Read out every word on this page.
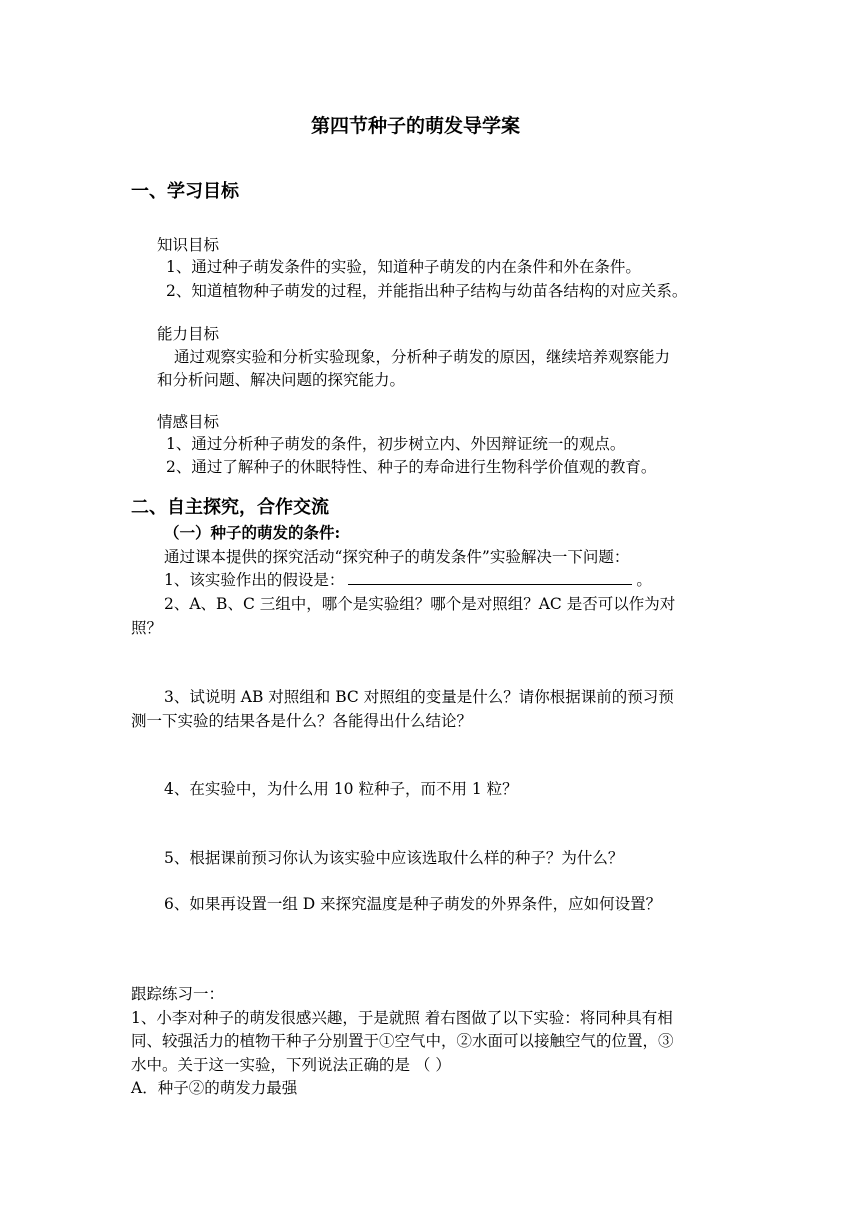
第四节种子的萌发导学案
一、学习目标
知识目标
1、通过种子萌发条件的实验，知道种子萌发的内在条件和外在条件。
2、知道植物种子萌发的过程，并能指出种子结构与幼苗各结构的对应关系。
能力目标
通过观察实验和分析实验现象，分析种子萌发的原因，继续培养观察能力
和分析问题、解决问题的探究能力。
情感目标
1、通过分析种子萌发的条件，初步树立内、外因辩证统一的观点。
2、通过了解种子的休眠特性、种子的寿命进行生物科学价值观的教育。
二、自主探究，合作交流
（一）种子的萌发的条件:
通过课本提供的探究活动“探究种子的萌发条件”实验解决一下问题：
1、该实验作出的假设是：	。
2、A、B、C 三组中，哪个是实验组？哪个是对照组？AC 是否可以作为对
照？
3、试说明 AB 对照组和 BC 对照组的变量是什么？请你根据课前的预习预
测一下实验的结果各是什么？各能得出什么结论？
4、在实验中，为什么用 10 粒种子，而不用 1 粒？
5、根据课前预习你认为该实验中应该选取什么样的种子？为什么？
6、如果再设置一组 D 来探究温度是种子萌发的外界条件，应如何设置？
跟踪练习一：
1、小李对种子的萌发很感兴趣，于是就照 着右图做了以下实验：将同种具有相
同、较强活力的植物干种子分别置于①空气中，②水面可以接触空气的位置，③
水中。关于这一实验，下列说法正确的是 （ ）
A．种子②的萌发力最强
